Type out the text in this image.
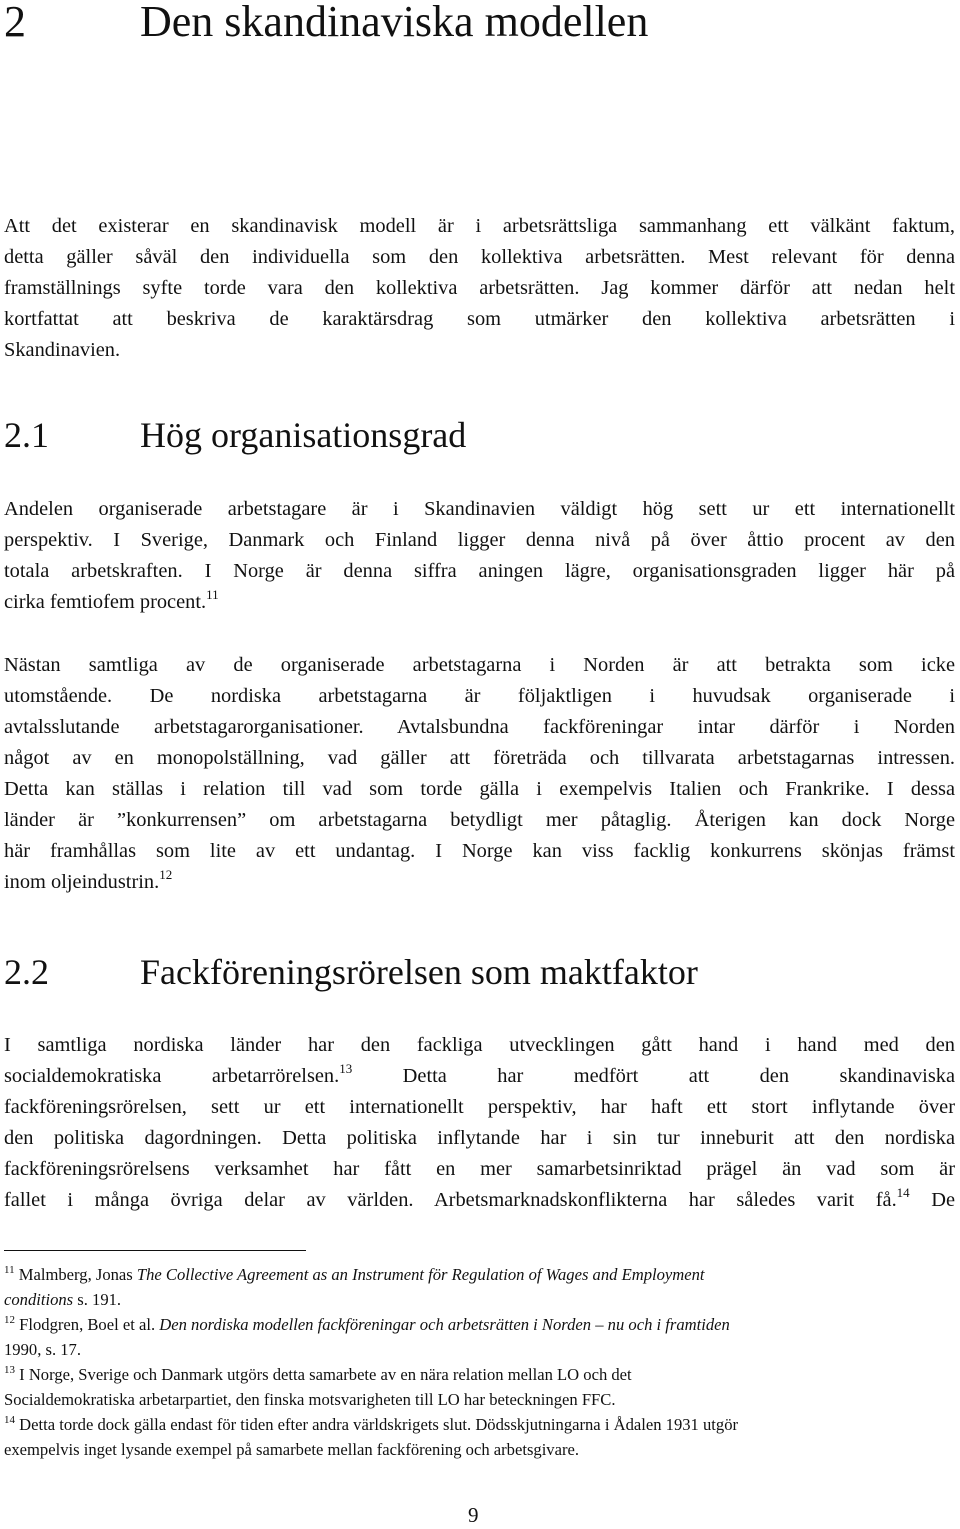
2	Den skandinaviska modellen

Att det existerar en skandinavisk modell är i arbetsrättsliga sammanhang ett välkänt faktum,
detta gäller såväl den individuella som den kollektiva arbetsrätten. Mest relevant för denna
framställnings syfte torde vara den kollektiva arbetsrätten. Jag kommer därför att nedan helt
kortfattat att beskriva de karaktärsdrag som utmärker den kollektiva arbetsrätten i
Skandinavien.

2.1	Hög organisationsgrad

Andelen organiserade arbetstagare är i Skandinavien väldigt hög sett ur ett internationellt
perspektiv. I Sverige, Danmark och Finland ligger denna nivå på över åttio procent av den
totala arbetskraften. I Norge är denna siffra aningen lägre, organisationsgraden ligger här på
cirka femtiofem procent.$^{11}$

Nästan samtliga av de organiserade arbetstagarna i Norden är att betrakta som icke
utomstående. De nordiska arbetstagarna är följaktligen i huvudsak organiserade i
avtalsslutande arbetstagarorganisationer. Avtalsbundna fackföreningar intar därför i Norden
något av en monopolställning, vad gäller att företräda och tillvarata arbetstagarnas intressen.
Detta kan ställas i relation till vad som torde gälla i exempelvis Italien och Frankrike. I dessa
länder är ”konkurrensen” om arbetstagarna betydligt mer påtaglig. Återigen kan dock Norge
här framhållas som lite av ett undantag. I Norge kan viss facklig konkurrens skönjas främst
inom oljeindustrin.$^{12}$

2.2	Fackföreningsrörelsen som maktfaktor

I samtliga nordiska länder har den fackliga utvecklingen gått hand i hand med den
socialdemokratiska arbetarrörelsen.$^{13}$ Detta har medfört att den skandinaviska
fackföreningsrörelsen, sett ur ett internationellt perspektiv, har haft ett stort inflytande över
den politiska dagordningen. Detta politiska inflytande har i sin tur inneburit att den nordiska
fackföreningsrörelsens verksamhet har fått en mer samarbetsinriktad prägel än vad som är
fallet i många övriga delar av världen. Arbetsmarknadskonflikterna har således varit få.$^{14}$ De

$^{11}$ Malmberg, Jonas The Collective Agreement as an Instrument för Regulation of Wages and Employment
conditions s. 191.
$^{12}$ Flodgren, Boel et al. Den nordiska modellen fackföreningar och arbetsrätten i Norden – nu och i framtiden
1990, s. 17.
$^{13}$ I Norge, Sverige och Danmark utgörs detta samarbete av en nära relation mellan LO och det
Socialdemokratiska arbetarpartiet, den finska motsvarigheten till LO har beteckningen FFC.
$^{14}$ Detta torde dock gälla endast för tiden efter andra världskrigets slut. Dödsskjutningarna i Ådalen 1931 utgör
exempelvis inget lysande exempel på samarbete mellan fackförening och arbetsgivare.
9
